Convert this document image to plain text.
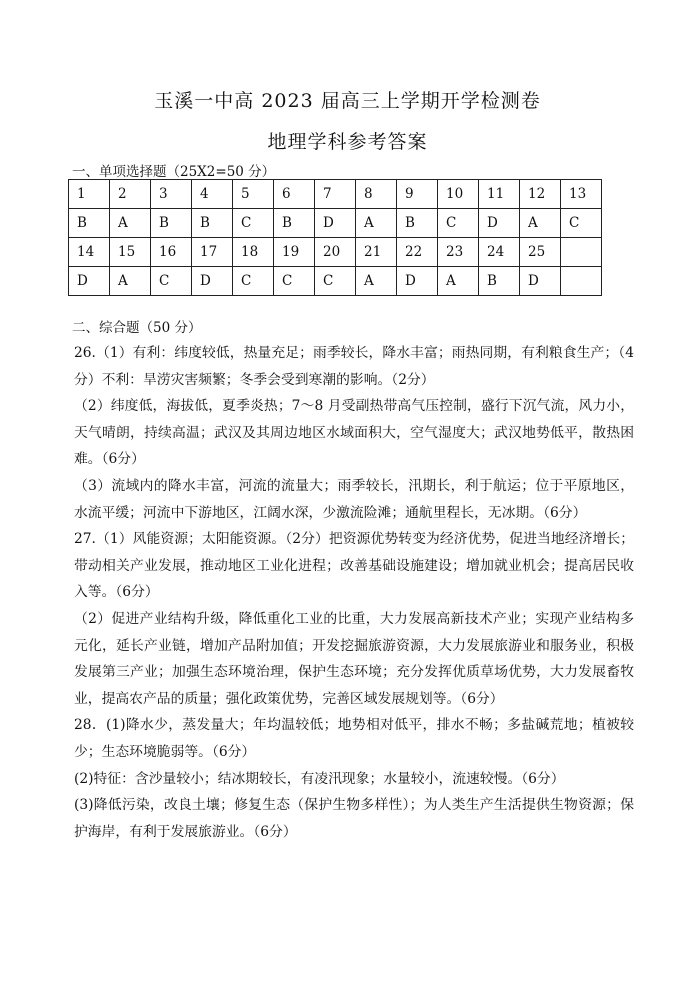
玉溪一中高 2023 届高三上学期开学检测卷
地理学科参考答案
一、单项选择题（25X2=50 分）
1	2	3	4	5	6	7	8	9	10	11	12	13
B	A	B	B	C	B	D	A	B	C	D	A	C
14	15	16	17	18	19	20	21	22	23	24	25	
D	A	C	D	C	C	C	A	D	A	B	D	
二、综合题（50 分）

26.（1）有利：纬度较低，热量充足；雨季较长，降水丰富；雨热同期，有利粮食生产；（4分）不利：旱涝灾害频繁；冬季会受到寒潮的影响。（2分）

（2）纬度低，海拔低，夏季炎热；7～8 月受副热带高气压控制，盛行下沉气流，风力小，天气晴朗，持续高温；武汉及其周边地区水域面积大，空气湿度大；武汉地势低平，散热困难。（6分）

（3）流域内的降水丰富，河流的流量大；雨季较长，汛期长，利于航运；位于平原地区，水流平缓；河流中下游地区，江阔水深，少激流险滩；通航里程长，无冰期。（6分）

27.（1）风能资源；太阳能资源。（2分）把资源优势转变为经济优势，促进当地经济增长；带动相关产业发展，推动地区工业化进程；改善基础设施建设；增加就业机会；提高居民收入等。（6分）

（2）促进产业结构升级，降低重化工业的比重，大力发展高新技术产业；实现产业结构多元化，延长产业链，增加产品附加值；开发挖掘旅游资源，大力发展旅游业和服务业，积极发展第三产业；加强生态环境治理，保护生态环境；充分发挥优质草场优势，大力发展畜牧业，提高农产品的质量；强化政策优势，完善区域发展规划等。（6分）

28．(1)降水少，蒸发量大；年均温较低；地势相对低平，排水不畅；多盐碱荒地；植被较少；生态环境脆弱等。（6分）

(2)特征：含沙量较小；结冰期较长，有凌汛现象；水量较小，流速较慢。（6分）

(3)降低污染，改良土壤；修复生态（保护生物多样性）；为人类生产生活提供生物资源；保护海岸，有利于发展旅游业。（6分）
